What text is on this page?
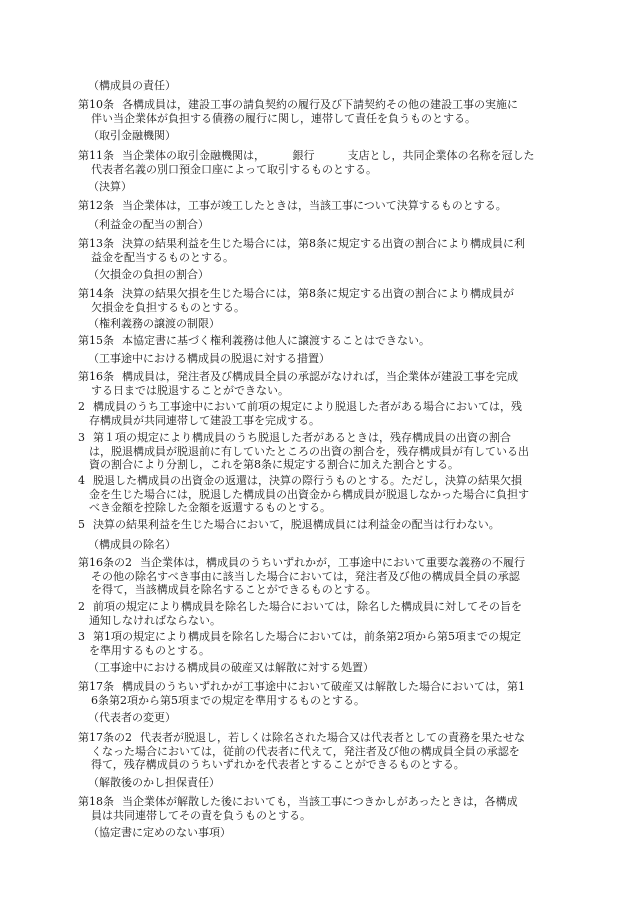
（構成員の責任）
第10条 各構成員は，建設工事の請負契約の履行及び下請契約その他の建設工事の実施に
伴い当企業体が負担する債務の履行に関し，連帯して責任を負うものとする。
（取引金融機関）
第11条 当企業体の取引金融機関は，　　　銀行　　　支店とし，共同企業体の名称を冠した
代表者名義の別口預金口座によって取引するものとする。
（決算）
第12条 当企業体は，工事が竣工したときは，当該工事について決算するものとする。
（利益金の配当の割合）
第13条 決算の結果利益を生じた場合には，第8条に規定する出資の割合により構成員に利
益金を配当するものとする。
（欠損金の負担の割合）
第14条 決算の結果欠損を生じた場合には，第8条に規定する出資の割合により構成員が
欠損金を負担するものとする。
（権利義務の譲渡の制限）
第15条 本協定書に基づく権利義務は他人に譲渡することはできない。
（工事途中における構成員の脱退に対する措置）
第16条 構成員は，発注者及び構成員全員の承認がなければ，当企業体が建設工事を完成
する日までは脱退することができない。
2 構成員のうち工事途中において前項の規定により脱退した者がある場合においては，残
存構成員が共同連帯して建設工事を完成する。
3 第１項の規定により構成員のうち脱退した者があるときは，残存構成員の出資の割合
は，脱退構成員が脱退前に有していたところの出資の割合を，残存構成員が有している出
資の割合により分割し，これを第8条に規定する割合に加えた割合とする。
4 脱退した構成員の出資金の返還は，決算の際行うものとする。ただし，決算の結果欠損
金を生じた場合には，脱退した構成員の出資金から構成員が脱退しなかった場合に負担す
べき金額を控除した金額を返還するものとする。
5 決算の結果利益を生じた場合において，脱退構成員には利益金の配当は行わない。
（構成員の除名）
第16条の2 当企業体は，構成員のうちいずれかが，工事途中において重要な義務の不履行
その他の除名すべき事由に該当した場合においては，発注者及び他の構成員全員の承認
を得て，当該構成員を除名することができるものとする。
2 前項の規定により構成員を除名した場合においては，除名した構成員に対してその旨を
通知しなければならない。
3 第1項の規定により構成員を除名した場合においては，前条第2項から第5項までの規定
を準用するものとする。
（工事途中における構成員の破産又は解散に対する処置）
第17条 構成員のうちいずれかが工事途中において破産又は解散した場合においては，第1
6条第2項から第5項までの規定を準用するものとする。
（代表者の変更）
第17条の2 代表者が脱退し，若しくは除名された場合又は代表者としての責務を果たせな
くなった場合においては，従前の代表者に代えて，発注者及び他の構成員全員の承認を
得て，残存構成員のうちいずれかを代表者とすることができるものとする。
（解散後のかし担保責任）
第18条 当企業体が解散した後においても，当該工事につきかしがあったときは，各構成
員は共同連帯してその責を負うものとする。
（協定書に定めのない事項）
